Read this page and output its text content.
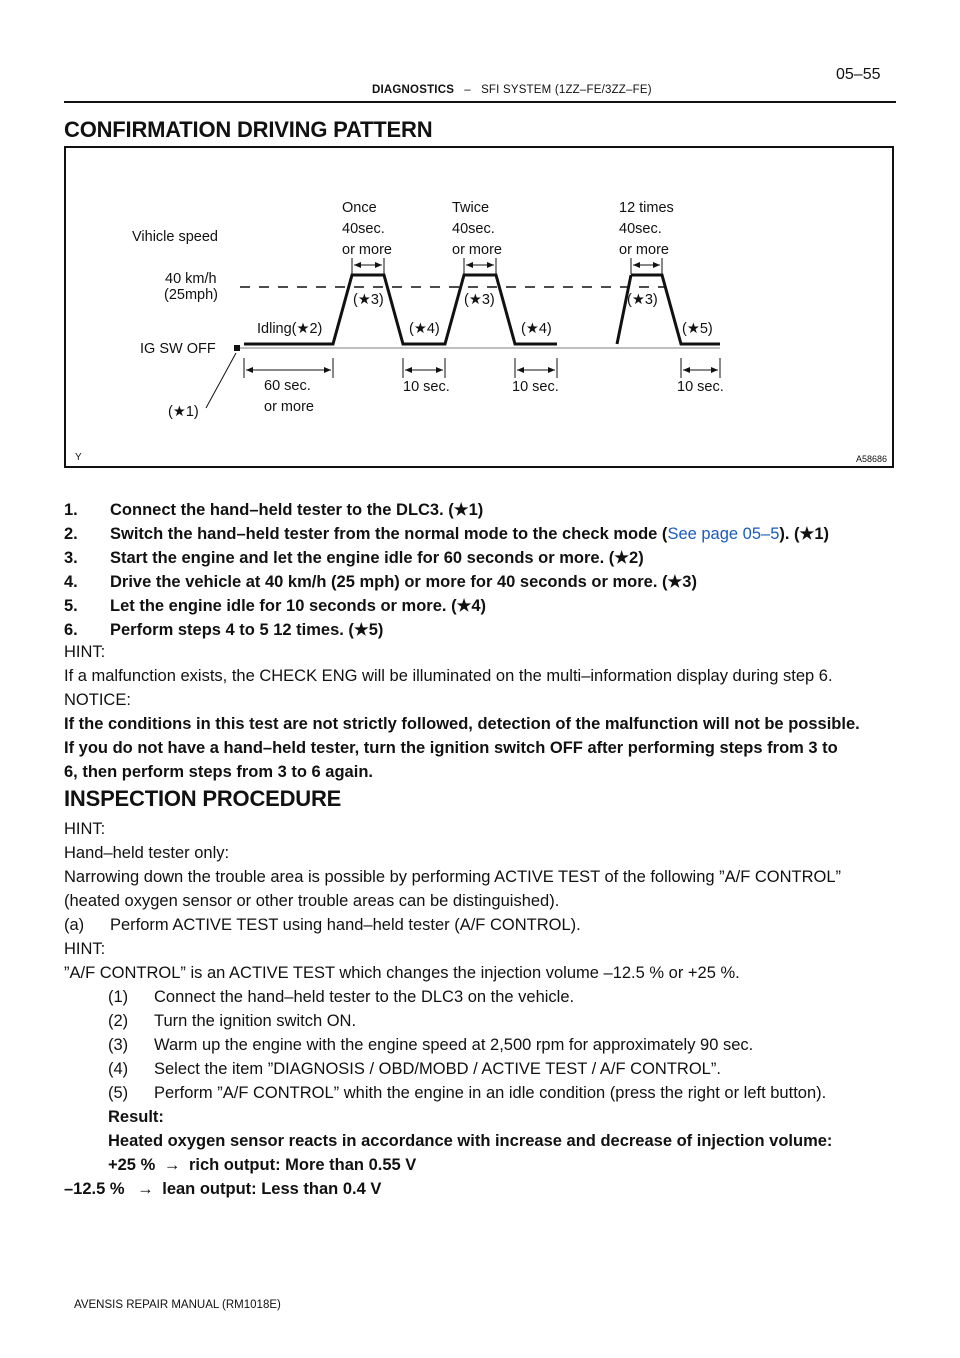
DIAGNOSTICS – SFI SYSTEM (1ZZ–FE/3ZZ–FE)
05–55
CONFIRMATION DRIVING PATTERN
Vihicle speed
40 km/h
(25mph)
IG SW OFF
(★1)
Idling(★2)
60 sec.
or more
Once
40sec.
or more
Twice
40sec.
or more
12 times
40sec.
or more
(★3)	(★3)	(★3)
(★4)	(★4)	(★5)
10 sec.	10 sec.	10 sec.
Y	A58686
1. Connect the hand–held tester to the DLC3. (★1)
2. Switch the hand–held tester from the normal mode to the check mode (See page 05–5). (★1)
3. Start the engine and let the engine idle for 60 seconds or more. (★2)
4. Drive the vehicle at 40 km/h (25 mph) or more for 40 seconds or more. (★3)
5. Let the engine idle for 10 seconds or more. (★4)
6. Perform steps 4 to 5 12 times. (★5)
HINT:
If a malfunction exists, the CHECK ENG will be illuminated on the multi–information display during step 6.
NOTICE:
If the conditions in this test are not strictly followed, detection of the malfunction will not be possible.
If you do not have a hand–held tester, turn the ignition switch OFF after performing steps from 3 to
6, then perform steps from 3 to 6 again.
INSPECTION PROCEDURE
HINT:
Hand–held tester only:
Narrowing down the trouble area is possible by performing ACTIVE TEST of the following ”A/F CONTROL”
(heated oxygen sensor or other trouble areas can be distinguished).
(a) Perform ACTIVE TEST using hand–held tester (A/F CONTROL).
HINT:
”A/F CONTROL” is an ACTIVE TEST which changes the injection volume –12.5 % or +25 %.
(1) Connect the hand–held tester to the DLC3 on the vehicle.
(2) Turn the ignition switch ON.
(3) Warm up the engine with the engine speed at 2,500 rpm for approximately 90 sec.
(4) Select the item ”DIAGNOSIS / OBD/MOBD / ACTIVE TEST / A/F CONTROL”.
(5) Perform ”A/F CONTROL” whith the engine in an idle condition (press the right or left button).
Result:
Heated oxygen sensor reacts in accordance with increase and decrease of injection volume:
+25 % → rich output: More than 0.55 V
–12.5 % → lean output: Less than 0.4 V
AVENSIS REPAIR MANUAL (RM1018E)
